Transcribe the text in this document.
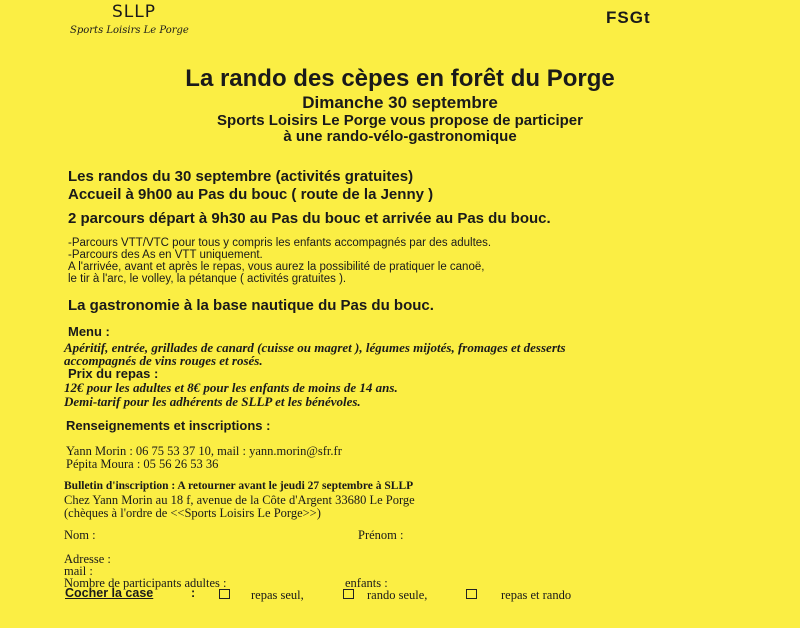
SLLP
Sports Loisirs Le Porge
FSGt
La rando des cèpes en forêt du Porge
Dimanche 30 septembre
Sports Loisirs Le Porge vous propose de participer
à une rando-vélo-gastronomique
Les randos du 30 septembre (activités gratuites)
Accueil à 9h00 au Pas du bouc ( route de la Jenny )
2 parcours départ à 9h30 au Pas du bouc et arrivée au Pas du bouc.
-Parcours VTT/VTC pour tous y compris les enfants accompagnés par des adultes.
-Parcours des As en VTT uniquement.
A l'arrivée, avant et après le repas, vous aurez la possibilité de pratiquer le canoë,
le tir à l'arc, le volley, la pétanque ( activités gratuites ).
La gastronomie à la base nautique du Pas du bouc.
Menu :
Apéritif, entrée, grillades de canard (cuisse ou magret ), légumes mijotés, fromages et desserts
accompagnés de vins rouges et rosés.
Prix du repas :
12€ pour les adultes et 8€ pour les enfants de moins de 14 ans.
Demi-tarif pour les adhérents de SLLP et les bénévoles.
Renseignements et inscriptions :
Yann Morin : 06 75 53 37 10, mail : yann.morin@sfr.fr
Pépita Moura : 05 56 26 53 36
Bulletin d'inscription : A retourner avant le jeudi 27 septembre à SLLP
Chez Yann Morin au 18 f, avenue de la Côte d'Argent 33680 Le Porge
(chèques à l'ordre de <<Sports Loisirs Le Porge>>)
Nom :	Prénom :
Adresse :
mail :
Nombre de participants adultes :	enfants :
Cocher la case	:	repas seul,	rando seule,	repas et rando
